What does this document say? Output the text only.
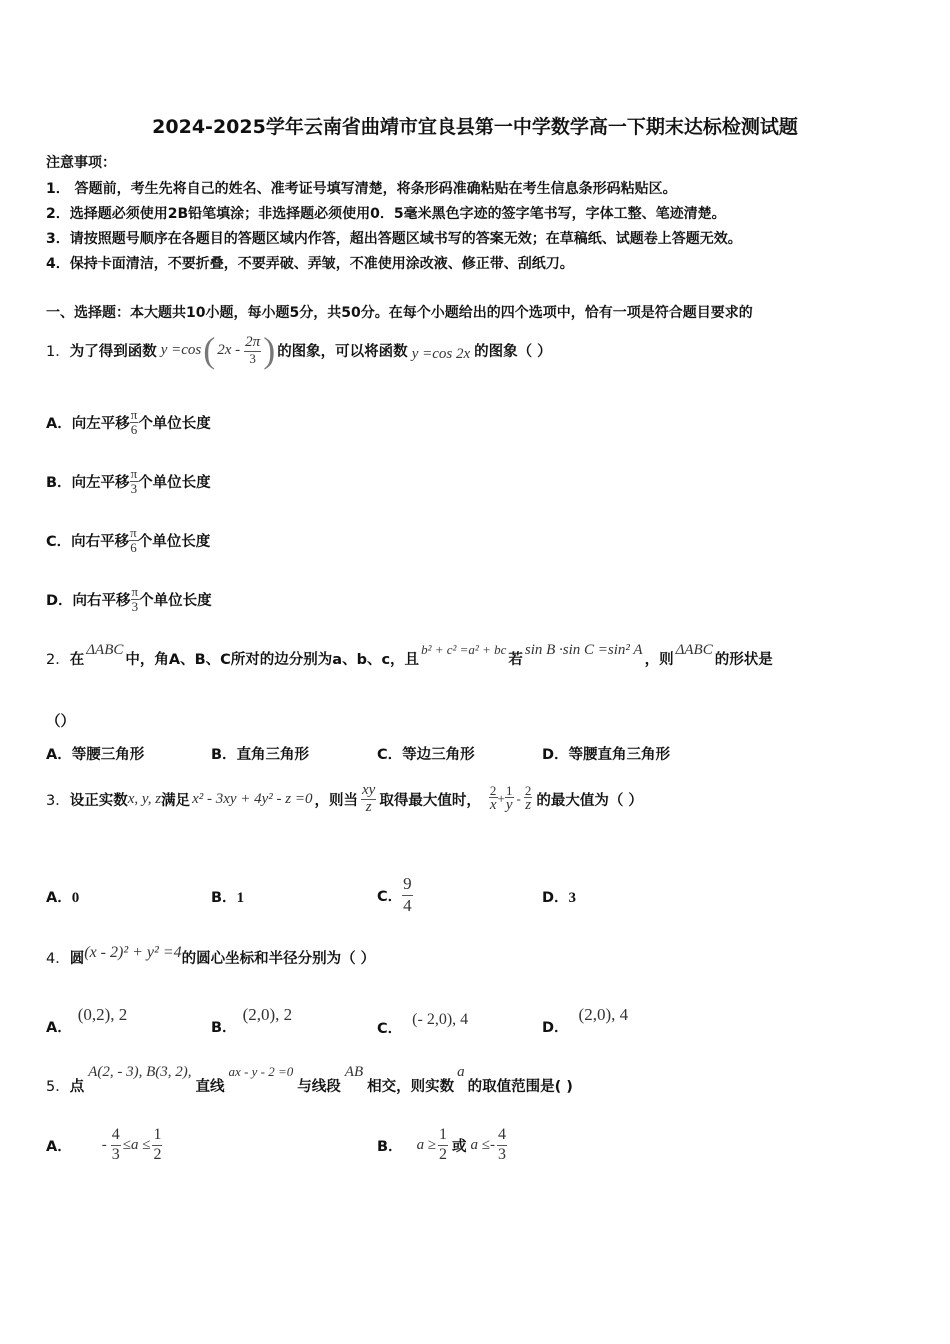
2024-2025学年云南省曲靖市宜良县第一中学数学高一下期末达标检测试题
注意事项：
1． 答题前，考生先将自己的姓名、准考证号填写清楚，将条形码准确粘贴在考生信息条形码粘贴区。
2．选择题必须使用2B铅笔填涂；非选择题必须使用0．5毫米黑色字迹的签字笔书写，字体工整、笔迹清楚。
3．请按照题号顺序在各题目的答题区域内作答，超出答题区域书写的答案无效；在草稿纸、试题卷上答题无效。
4．保持卡面清洁，不要折叠，不要弄破、弄皱，不准使用涂改液、修正带、刮纸刀。
一、选择题：本大题共10小题，每小题5分，共50分。在每个小题给出的四个选项中，恰有一项是符合题目要求的
1． 为了得到函数 y =cos ( $2x - \frac{2\pi}{3}$ ) 的图象，可以将函数 y =cos 2x 的图象（ ）
A． 向左平移 $\frac{\pi}{6}$ 个单位长度
B． 向左平移 $\frac{\pi}{3}$ 个单位长度
C． 向右平移 $\frac{\pi}{6}$ 个单位长度
D． 向右平移 $\frac{\pi}{3}$ 个单位长度
2．在ΔABC中，角A、B、C所对的边分别为a、b、c，且b² + c² =a² + bc若sin B ·sin C =sin² A，则ΔABC的形状是
（）
A．等腰三角形	B．直角三角形	C．等边三角形	D．等腰直角三角形
3． 设正实数 x, y, z 满足 x² - 3xy + 4y² - z =0 ，则当 $\frac{xy}{z}$ 取得最大值时， $\frac{2}{x} + \frac{1}{y} - \frac{2}{z}$ 的最大值为（ ）
A．0	B．1	C． $\frac{9}{4}$	D．3
4．圆(x - 2)² + y² =4的圆心坐标和半径分别为（ ）
A．(0,2), 2
B．(2,0), 2
C．(- 2,0), 4	D．(2,0), 4
5．点A(2, - 3), B(3, 2),直线ax - y - 2 =0与线段AB相交，则实数a的取值范围是( )
A． - $\frac{4}{3} \le a \le \frac{1}{2}$	B． $a \ge \frac{1}{2}$ 或 $a \le- \frac{4}{3}$
